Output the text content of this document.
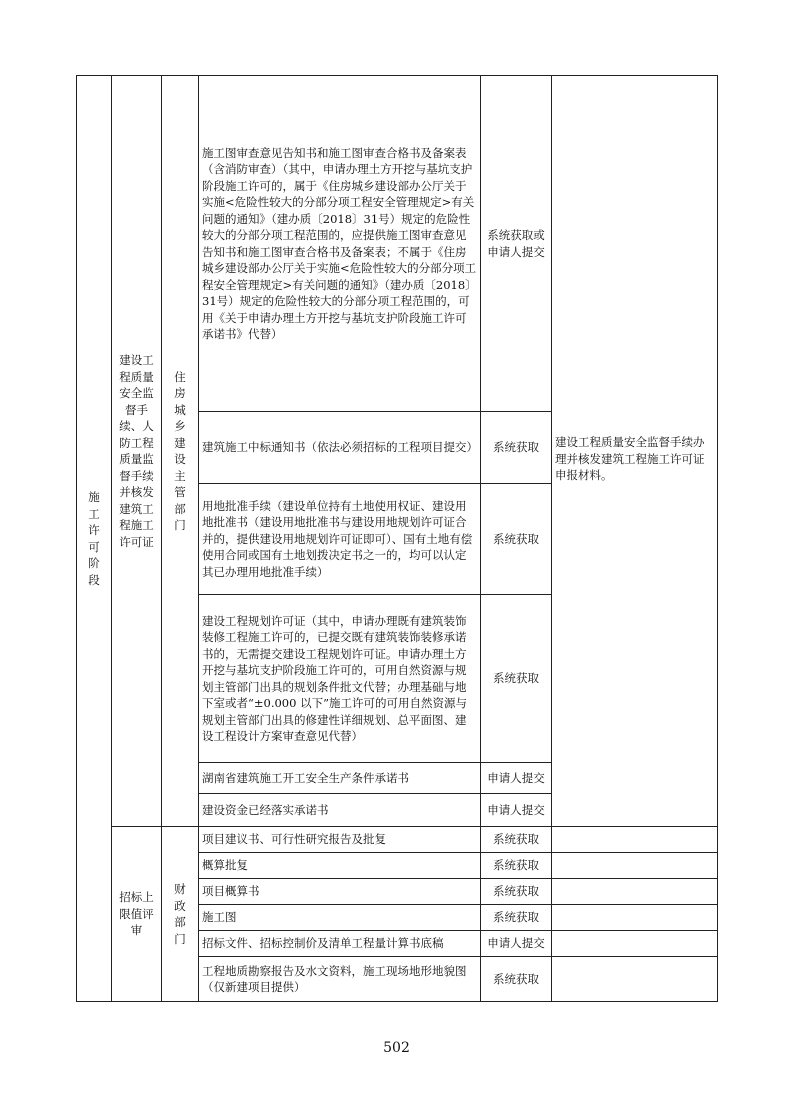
施工许可阶段	建设工程质量安全监督手续、人防工程质量监督手续并核发建筑工程施工许可证	住房城乡建设主管部门	施工图审查意见告知书和施工图审查合格书及备案表（含消防审查）（其中，申请办理土方开挖与基坑支护阶段施工许可的，属于《住房城乡建设部办公厅关于实施<危险性较大的分部分项工程安全管理规定>有关问题的通知》（建办质〔2018〕31号）规定的危险性较大的分部分项工程范围的，应提供施工图审查意见告知书和施工图审查合格书及备案表；不属于《住房城乡建设部办公厅关于实施<危险性较大的分部分项工程安全管理规定>有关问题的通知》（建办质〔2018〕31号）规定的危险性较大的分部分项工程范围的，可用《关于申请办理土方开挖与基坑支护阶段施工许可承诺书》代替）	系统获取或申请人提交	建设工程质量安全监督手续办理并核发建筑工程施工许可证申报材料。
			建筑施工中标通知书（依法必须招标的工程项目提交）	系统获取	
			用地批准手续（建设单位持有土地使用权证、建设用地批准书（建设用地批准书与建设用地规划许可证合并的，提供建设用地规划许可证即可）、国有土地有偿使用合同或国有土地划拨决定书之一的，均可以认定其已办理用地批准手续）	系统获取	
			建设工程规划许可证（其中，申请办理既有建筑装饰装修工程施工许可的，已提交既有建筑装饰装修承诺书的，无需提交建设工程规划许可证。申请办理土方开挖与基坑支护阶段施工许可的，可用自然资源与规划主管部门出具的规划条件批文代替；办理基础与地下室或者“±0.000 以下”施工许可的可用自然资源与规划主管部门出具的修建性详细规划、总平面图、建设工程设计方案审查意见代替）	系统获取	
			湖南省建筑施工开工安全生产条件承诺书	申请人提交	
			建设资金已经落实承诺书	申请人提交	
	招标上限值评审	财政部门	项目建议书、可行性研究报告及批复	系统获取	
			概算批复	系统获取	
			项目概算书	系统获取	
			施工图	系统获取	
			招标文件、招标控制价及清单工程量计算书底稿	申请人提交	
			工程地质勘察报告及水文资料，施工现场地形地貌图（仅新建项目提供）	系统获取	
502
